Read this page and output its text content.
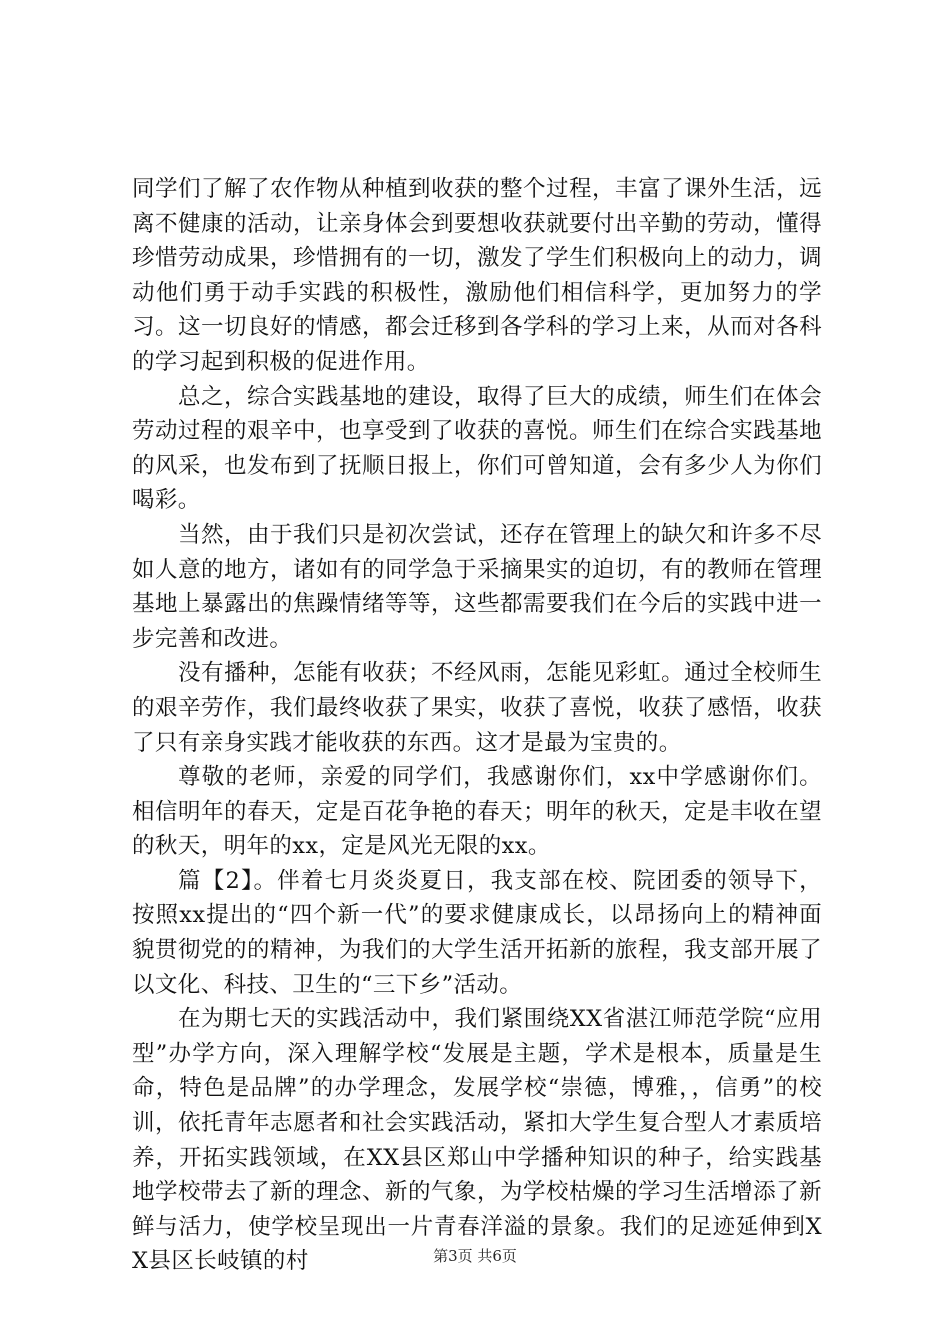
同学们了解了农作物从种植到收获的整个过程，丰富了课外生活，远离不健康的活动，让亲身体会到要想收获就要付出辛勤的劳动，懂得珍惜劳动成果，珍惜拥有的一切，激发了学生们积极向上的动力，调动他们勇于动手实践的积极性，激励他们相信科学，更加努力的学习。这一切良好的情感，都会迁移到各学科的学习上来，从而对各科的学习起到积极的促进作用。

总之，综合实践基地的建设，取得了巨大的成绩，师生们在体会劳动过程的艰辛中，也享受到了收获的喜悦。师生们在综合实践基地的风采，也发布到了抚顺日报上，你们可曾知道，会有多少人为你们喝彩。

当然，由于我们只是初次尝试，还存在管理上的缺欠和许多不尽如人意的地方，诸如有的同学急于采摘果实的迫切，有的教师在管理基地上暴露出的焦躁情绪等等，这些都需要我们在今后的实践中进一步完善和改进。

没有播种，怎能有收获；不经风雨，怎能见彩虹。通过全校师生的艰辛劳作，我们最终收获了果实，收获了喜悦，收获了感悟，收获了只有亲身实践才能收获的东西。这才是最为宝贵的。

尊敬的老师，亲爱的同学们，我感谢你们，xx中学感谢你们。相信明年的春天，定是百花争艳的春天；明年的秋天，定是丰收在望的秋天，明年的xx，定是风光无限的xx。

篇【2】。伴着七月炎炎夏日，我支部在校、院团委的领导下，按照xx提出的“四个新一代”的要求健康成长，以昂扬向上的精神面貌贯彻党的的精神，为我们的大学生活开拓新的旅程，我支部开展了以文化、科技、卫生的“三下乡”活动。

在为期七天的实践活动中，我们紧围绕XX省湛江师范学院“应用型”办学方向，深入理解学校“发展是主题，学术是根本，质量是生命，特色是品牌”的办学理念，发展学校“崇德，博雅，，信勇”的校训，依托青年志愿者和社会实践活动，紧扣大学生复合型人才素质培养，开拓实践领域，在XX县区郑山中学播种知识的种子，给实践基地学校带去了新的理念、新的气象，为学校枯燥的学习生活增添了新鲜与活力，使学校呈现出一片青春洋溢的景象。我们的足迹延伸到XX县区长岐镇的村	第3页 共6页
